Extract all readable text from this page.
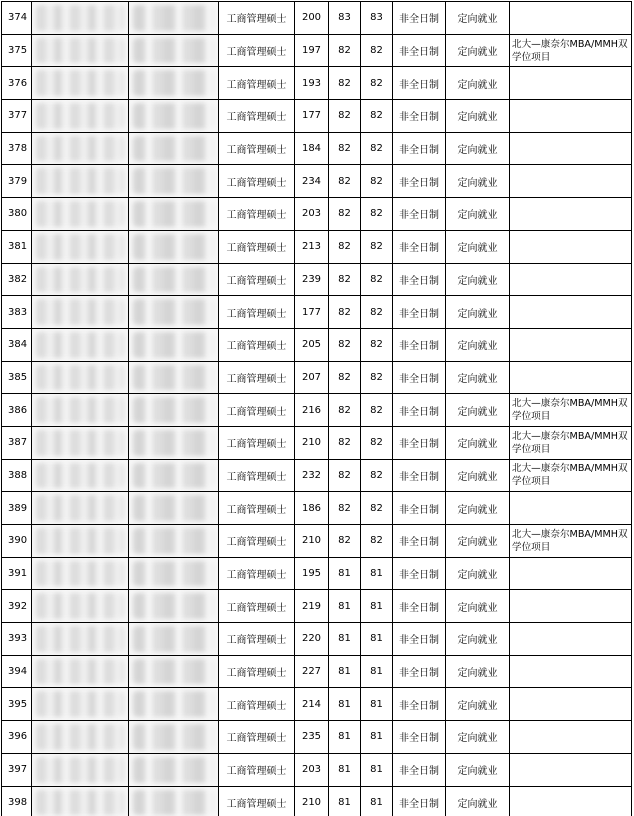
374			工商管理硕士	200	83	83	非全日制	定向就业	
375			工商管理硕士	197	82	82	非全日制	定向就业	北大—康奈尔MBA/MMH双学位项目
376			工商管理硕士	193	82	82	非全日制	定向就业	
377			工商管理硕士	177	82	82	非全日制	定向就业	
378			工商管理硕士	184	82	82	非全日制	定向就业	
379			工商管理硕士	234	82	82	非全日制	定向就业	
380			工商管理硕士	203	82	82	非全日制	定向就业	
381			工商管理硕士	213	82	82	非全日制	定向就业	
382			工商管理硕士	239	82	82	非全日制	定向就业	
383			工商管理硕士	177	82	82	非全日制	定向就业	
384			工商管理硕士	205	82	82	非全日制	定向就业	
385			工商管理硕士	207	82	82	非全日制	定向就业	
386			工商管理硕士	216	82	82	非全日制	定向就业	北大—康奈尔MBA/MMH双学位项目
387			工商管理硕士	210	82	82	非全日制	定向就业	北大—康奈尔MBA/MMH双学位项目
388			工商管理硕士	232	82	82	非全日制	定向就业	北大—康奈尔MBA/MMH双学位项目
389			工商管理硕士	186	82	82	非全日制	定向就业	
390			工商管理硕士	210	82	82	非全日制	定向就业	北大—康奈尔MBA/MMH双学位项目
391			工商管理硕士	195	81	81	非全日制	定向就业	
392			工商管理硕士	219	81	81	非全日制	定向就业	
393			工商管理硕士	220	81	81	非全日制	定向就业	
394			工商管理硕士	227	81	81	非全日制	定向就业	
395			工商管理硕士	214	81	81	非全日制	定向就业	
396			工商管理硕士	235	81	81	非全日制	定向就业	
397			工商管理硕士	203	81	81	非全日制	定向就业	
398			工商管理硕士	210	81	81	非全日制	定向就业	
